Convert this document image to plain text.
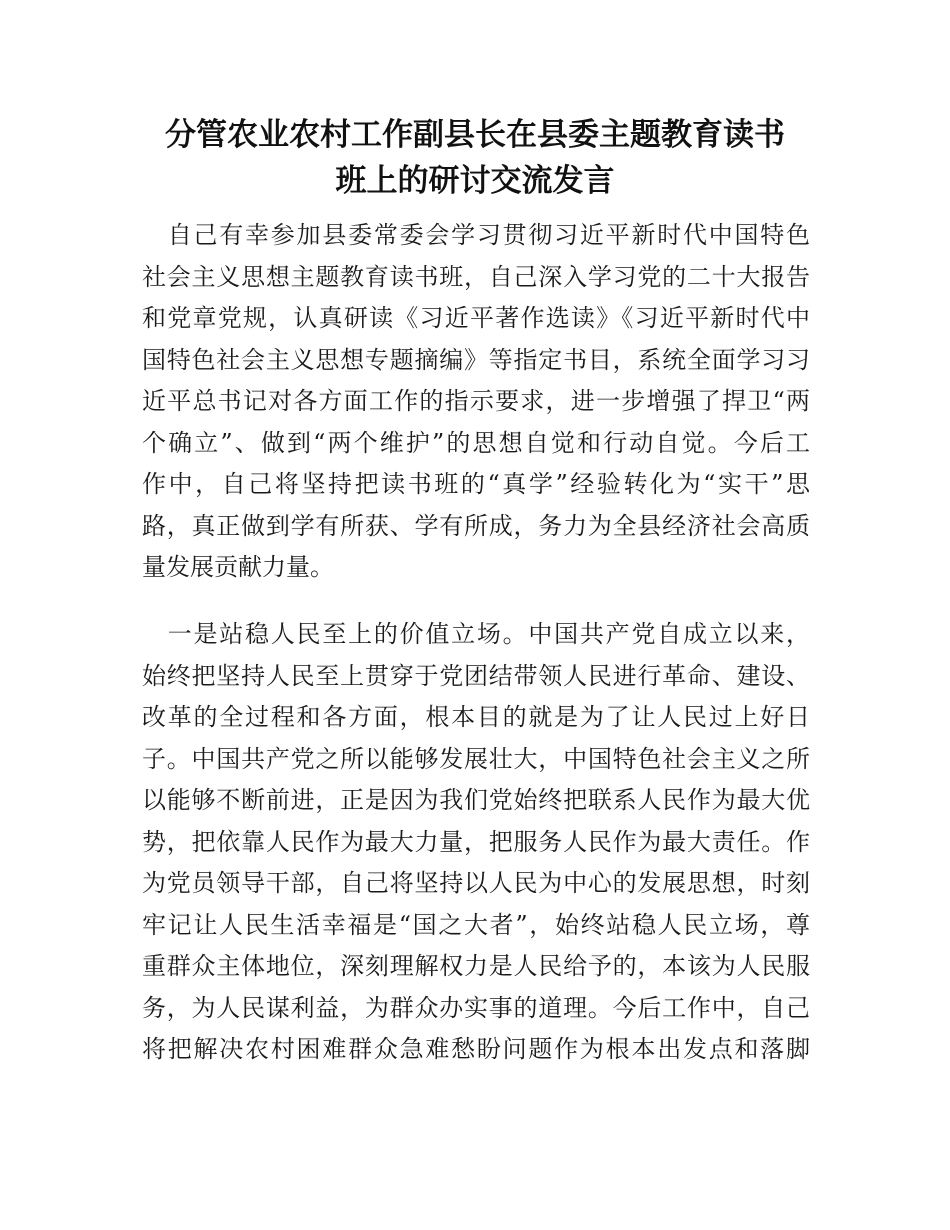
分管农业农村工作副县长在县委主题教育读书
班上的研讨交流发言
　自己有幸参加县委常委会学习贯彻习近平新时代中国特色
社会主义思想主题教育读书班，自己深入学习党的二十大报告
和党章党规，认真研读《习近平著作选读》《习近平新时代中
国特色社会主义思想专题摘编》等指定书目，系统全面学习习
近平总书记对各方面工作的指示要求，进一步增强了捍卫“两
个确立”、做到“两个维护”的思想自觉和行动自觉。今后工
作中，自己将坚持把读书班的“真学”经验转化为“实干”思
路，真正做到学有所获、学有所成，务力为全县经济社会高质
量发展贡献力量。
　一是站稳人民至上的价值立场。中国共产党自成立以来，
始终把坚持人民至上贯穿于党团结带领人民进行革命、建设、
改革的全过程和各方面，根本目的就是为了让人民过上好日
子。中国共产党之所以能够发展壮大，中国特色社会主义之所
以能够不断前进，正是因为我们党始终把联系人民作为最大优
势，把依靠人民作为最大力量，把服务人民作为最大责任。作
为党员领导干部，自己将坚持以人民为中心的发展思想，时刻
牢记让人民生活幸福是“国之大者”，始终站稳人民立场，尊
重群众主体地位，深刻理解权力是人民给予的，本该为人民服
务，为人民谋利益，为群众办实事的道理。今后工作中，自己
将把解决农村困难群众急难愁盼问题作为根本出发点和落脚
